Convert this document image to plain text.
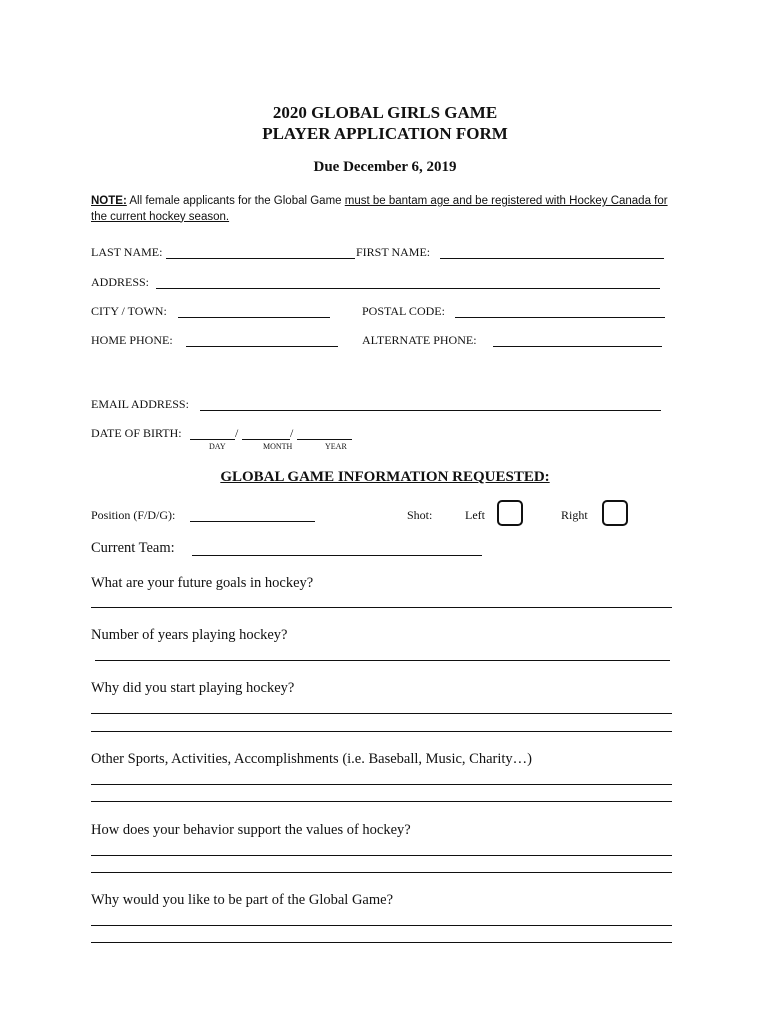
2020 GLOBAL GIRLS GAME
PLAYER APPLICATION FORM
Due December 6, 2019
NOTE: All female applicants for the Global Game must be bantam age and be registered with Hockey Canada for the current hockey season.
LAST NAME:	FIRST NAME:
ADDRESS:
CITY / TOWN:	POSTAL CODE:
HOME PHONE:	ALTERNATE PHONE:
EMAIL ADDRESS:
DATE OF BIRTH:	/	/
DAY	MONTH	YEAR
GLOBAL GAME INFORMATION REQUESTED:
Position (F/D/G):	Shot:	Left	Right
Current Team:
What are your future goals in hockey?
Number of years playing hockey?
Why did you start playing hockey?
Other Sports, Activities, Accomplishments (i.e. Baseball, Music, Charity…)
How does your behavior support the values of hockey?
Why would you like to be part of the Global Game?
